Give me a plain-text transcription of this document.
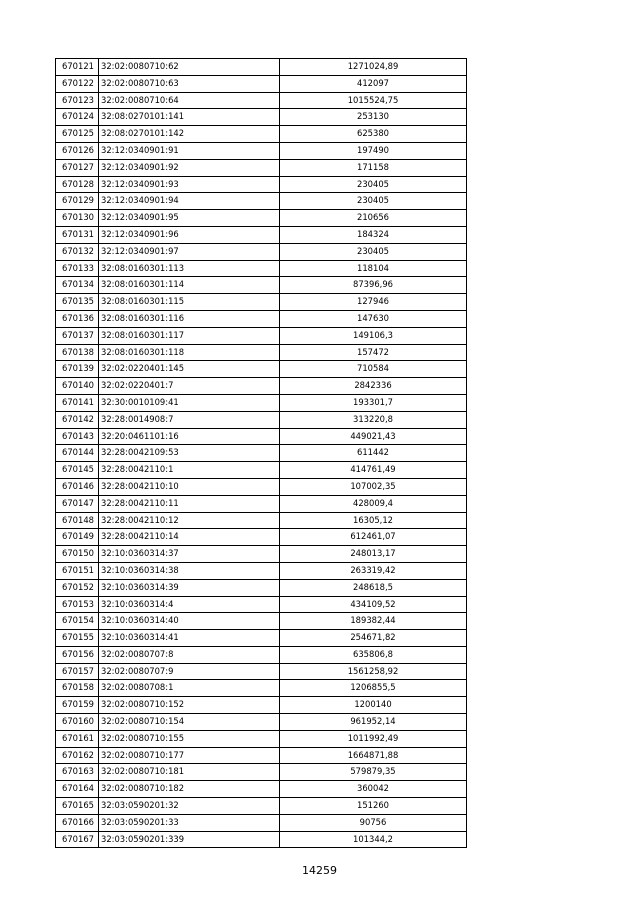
670121	32:02:0080710:62	1271024,89
670122	32:02:0080710:63	412097
670123	32:02:0080710:64	1015524,75
670124	32:08:0270101:141	253130
670125	32:08:0270101:142	625380
670126	32:12:0340901:91	197490
670127	32:12:0340901:92	171158
670128	32:12:0340901:93	230405
670129	32:12:0340901:94	230405
670130	32:12:0340901:95	210656
670131	32:12:0340901:96	184324
670132	32:12:0340901:97	230405
670133	32:08:0160301:113	118104
670134	32:08:0160301:114	87396,96
670135	32:08:0160301:115	127946
670136	32:08:0160301:116	147630
670137	32:08:0160301:117	149106,3
670138	32:08:0160301:118	157472
670139	32:02:0220401:145	710584
670140	32:02:0220401:7	2842336
670141	32:30:0010109:41	193301,7
670142	32:28:0014908:7	313220,8
670143	32:20:0461101:16	449021,43
670144	32:28:0042109:53	611442
670145	32:28:0042110:1	414761,49
670146	32:28:0042110:10	107002,35
670147	32:28:0042110:11	428009,4
670148	32:28:0042110:12	16305,12
670149	32:28:0042110:14	612461,07
670150	32:10:0360314:37	248013,17
670151	32:10:0360314:38	263319,42
670152	32:10:0360314:39	248618,5
670153	32:10:0360314:4	434109,52
670154	32:10:0360314:40	189382,44
670155	32:10:0360314:41	254671,82
670156	32:02:0080707:8	635806,8
670157	32:02:0080707:9	1561258,92
670158	32:02:0080708:1	1206855,5
670159	32:02:0080710:152	1200140
670160	32:02:0080710:154	961952,14
670161	32:02:0080710:155	1011992,49
670162	32:02:0080710:177	1664871,88
670163	32:02:0080710:181	579879,35
670164	32:02:0080710:182	360042
670165	32:03:0590201:32	151260
670166	32:03:0590201:33	90756
670167	32:03:0590201:339	101344,2
14259
